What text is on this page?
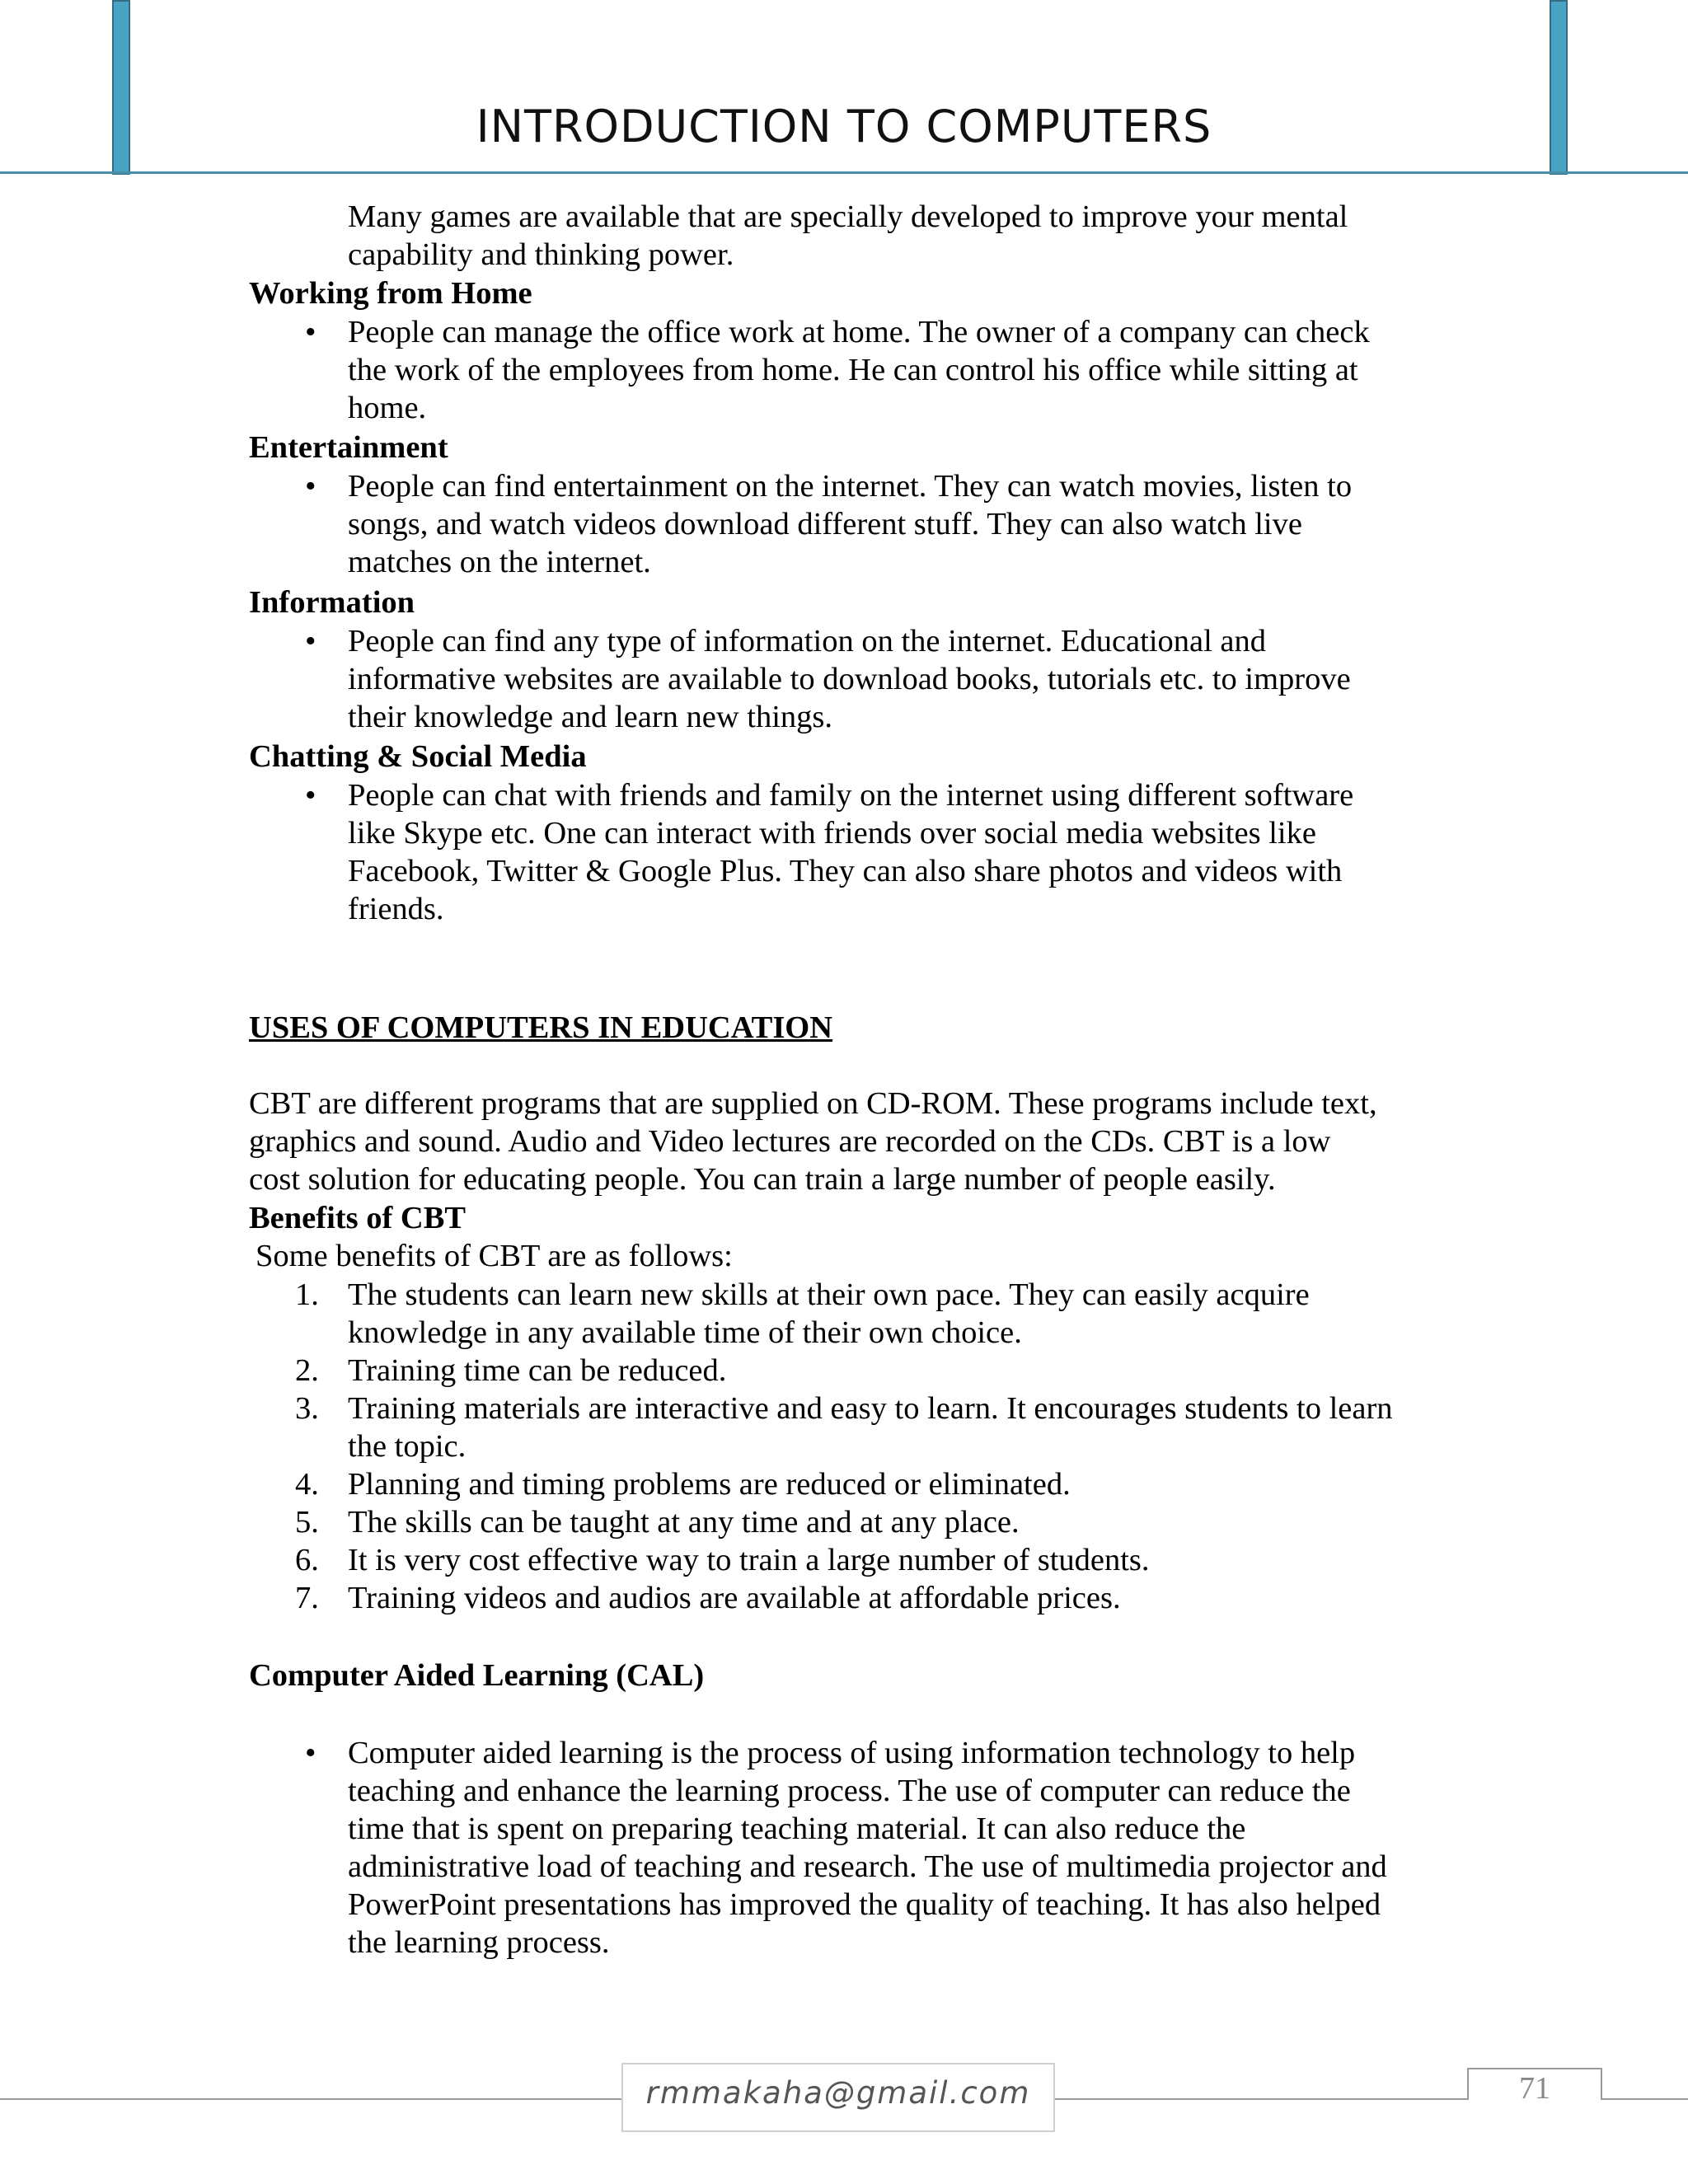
INTRODUCTION TO COMPUTERS
Many games are available that are specially developed to improve your mental
capability and thinking power.
Working from Home
• People can manage the office work at home. The owner of a company can check
the work of the employees from home. He can control his office while sitting at
home.
Entertainment
• People can find entertainment on the internet. They can watch movies, listen to
songs, and watch videos download different stuff. They can also watch live
matches on the internet.
Information
• People can find any type of information on the internet. Educational and
informative websites are available to download books, tutorials etc. to improve
their knowledge and learn new things.
Chatting & Social Media
• People can chat with friends and family on the internet using different software
like Skype etc. One can interact with friends over social media websites like
Facebook, Twitter & Google Plus. They can also share photos and videos with
friends.
USES OF COMPUTERS IN EDUCATION
CBT are different programs that are supplied on CD-ROM. These programs include text,
graphics and sound. Audio and Video lectures are recorded on the CDs. CBT is a low
cost solution for educating people. You can train a large number of people easily.
Benefits of CBT
Some benefits of CBT are as follows:
1. The students can learn new skills at their own pace. They can easily acquire
knowledge in any available time of their own choice.
2. Training time can be reduced.
3. Training materials are interactive and easy to learn. It encourages students to learn
the topic.
4. Planning and timing problems are reduced or eliminated.
5. The skills can be taught at any time and at any place.
6. It is very cost effective way to train a large number of students.
7. Training videos and audios are available at affordable prices.
Computer Aided Learning (CAL)
• Computer aided learning is the process of using information technology to help
teaching and enhance the learning process. The use of computer can reduce the
time that is spent on preparing teaching material. It can also reduce the
administrative load of teaching and research. The use of multimedia projector and
PowerPoint presentations has improved the quality of teaching. It has also helped
the learning process.
rmmakaha@gmail.com	71
